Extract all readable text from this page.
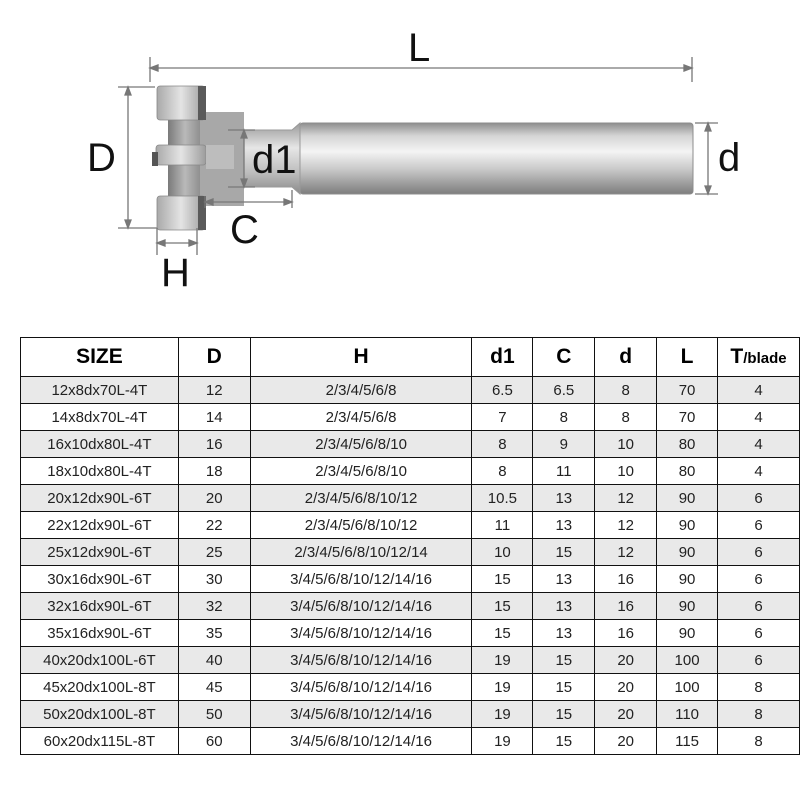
L
D	d1	d
C
H
SIZE	D	H	d1	C	d	L	T/blade
12x8dx70L-4T	12	2/3/4/5/6/8	6.5	6.5	8	70	4
14x8dx70L-4T	14	2/3/4/5/6/8	7	8	8	70	4
16x10dx80L-4T	16	2/3/4/5/6/8/10	8	9	10	80	4
18x10dx80L-4T	18	2/3/4/5/6/8/10	8	11	10	80	4
20x12dx90L-6T	20	2/3/4/5/6/8/10/12	10.5	13	12	90	6
22x12dx90L-6T	22	2/3/4/5/6/8/10/12	11	13	12	90	6
25x12dx90L-6T	25	2/3/4/5/6/8/10/12/14	10	15	12	90	6
30x16dx90L-6T	30	3/4/5/6/8/10/12/14/16	15	13	16	90	6
32x16dx90L-6T	32	3/4/5/6/8/10/12/14/16	15	13	16	90	6
35x16dx90L-6T	35	3/4/5/6/8/10/12/14/16	15	13	16	90	6
40x20dx100L-6T	40	3/4/5/6/8/10/12/14/16	19	15	20	100	6
45x20dx100L-8T	45	3/4/5/6/8/10/12/14/16	19	15	20	100	8
50x20dx100L-8T	50	3/4/5/6/8/10/12/14/16	19	15	20	110	8
60x20dx115L-8T	60	3/4/5/6/8/10/12/14/16	19	15	20	115	8
